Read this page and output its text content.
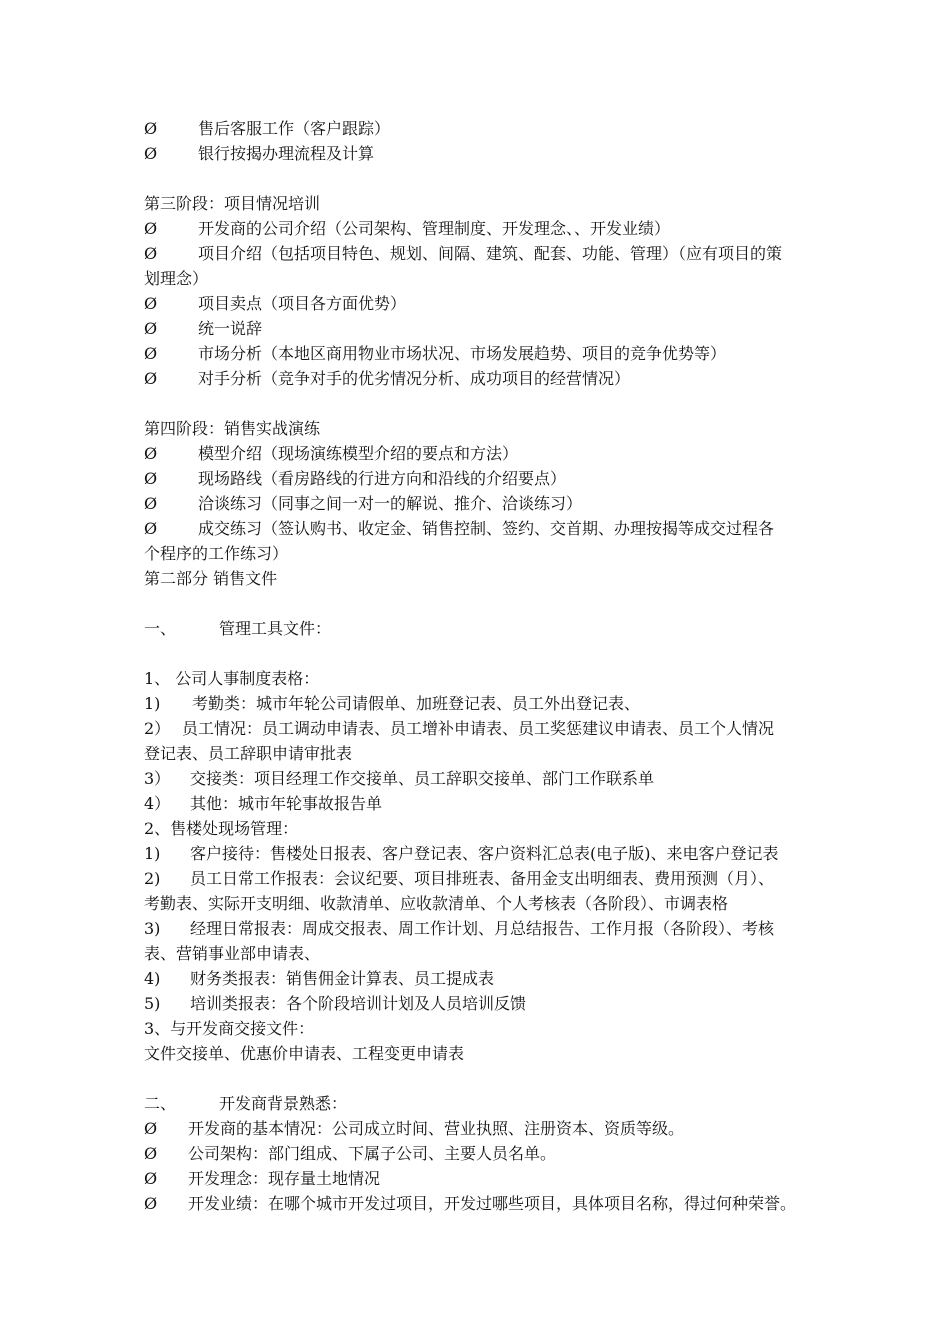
Ø	售后客服工作（客户跟踪）
Ø	银行按揭办理流程及计算
第三阶段：项目情况培训
Ø	开发商的公司介绍（公司架构、管理制度、开发理念、、开发业绩）
Ø	项目介绍（包括项目特色、规划、间隔、建筑、配套、功能、管理）（应有项目的策
划理念）
Ø	项目卖点（项目各方面优势）
Ø	统一说辞
Ø	市场分析（本地区商用物业市场状况、市场发展趋势、项目的竞争优势等）
Ø	对手分析（竞争对手的优劣情况分析、成功项目的经营情况）
第四阶段：销售实战演练
Ø	模型介绍（现场演练模型介绍的要点和方法）
Ø	现场路线（看房路线的行进方向和沿线的介绍要点）
Ø	洽谈练习（同事之间一对一的解说、推介、洽谈练习）
Ø	成交练习（签认购书、收定金、销售控制、签约、交首期、办理按揭等成交过程各
个程序的工作练习）
第二部分 销售文件
一、	管理工具文件：
1、 公司人事制度表格：
1) 考勤类：城市年轮公司请假单、加班登记表、员工外出登记表、
2） 员工情况：员工调动申请表、员工增补申请表、员工奖惩建议申请表、员工个人情况
登记表、员工辞职申请审批表
3） 交接类：项目经理工作交接单、员工辞职交接单、部门工作联系单
4） 其他：城市年轮事故报告单
2、售楼处现场管理：
1) 客户接待：售楼处日报表、客户登记表、客户资料汇总表(电子版)、来电客户登记表
2) 员工日常工作报表：会议纪要、项目排班表、备用金支出明细表、费用预测（月）、
考勤表、实际开支明细、收款清单、应收款清单、个人考核表（各阶段）、市调表格
3) 经理日常报表：周成交报表、周工作计划、月总结报告、工作月报（各阶段）、考核
表、营销事业部申请表、
4) 财务类报表：销售佣金计算表、员工提成表
5) 培训类报表：各个阶段培训计划及人员培训反馈
3、与开发商交接文件：
文件交接单、优惠价申请表、工程变更申请表
二、	开发商背景熟悉：
Ø 开发商的基本情况：公司成立时间、营业执照、注册资本、资质等级。
Ø 公司架构：部门组成、下属子公司、主要人员名单。
Ø 开发理念：现存量土地情况
Ø 开发业绩：在哪个城市开发过项目，开发过哪些项目，具体项目名称，得过何种荣誉。
